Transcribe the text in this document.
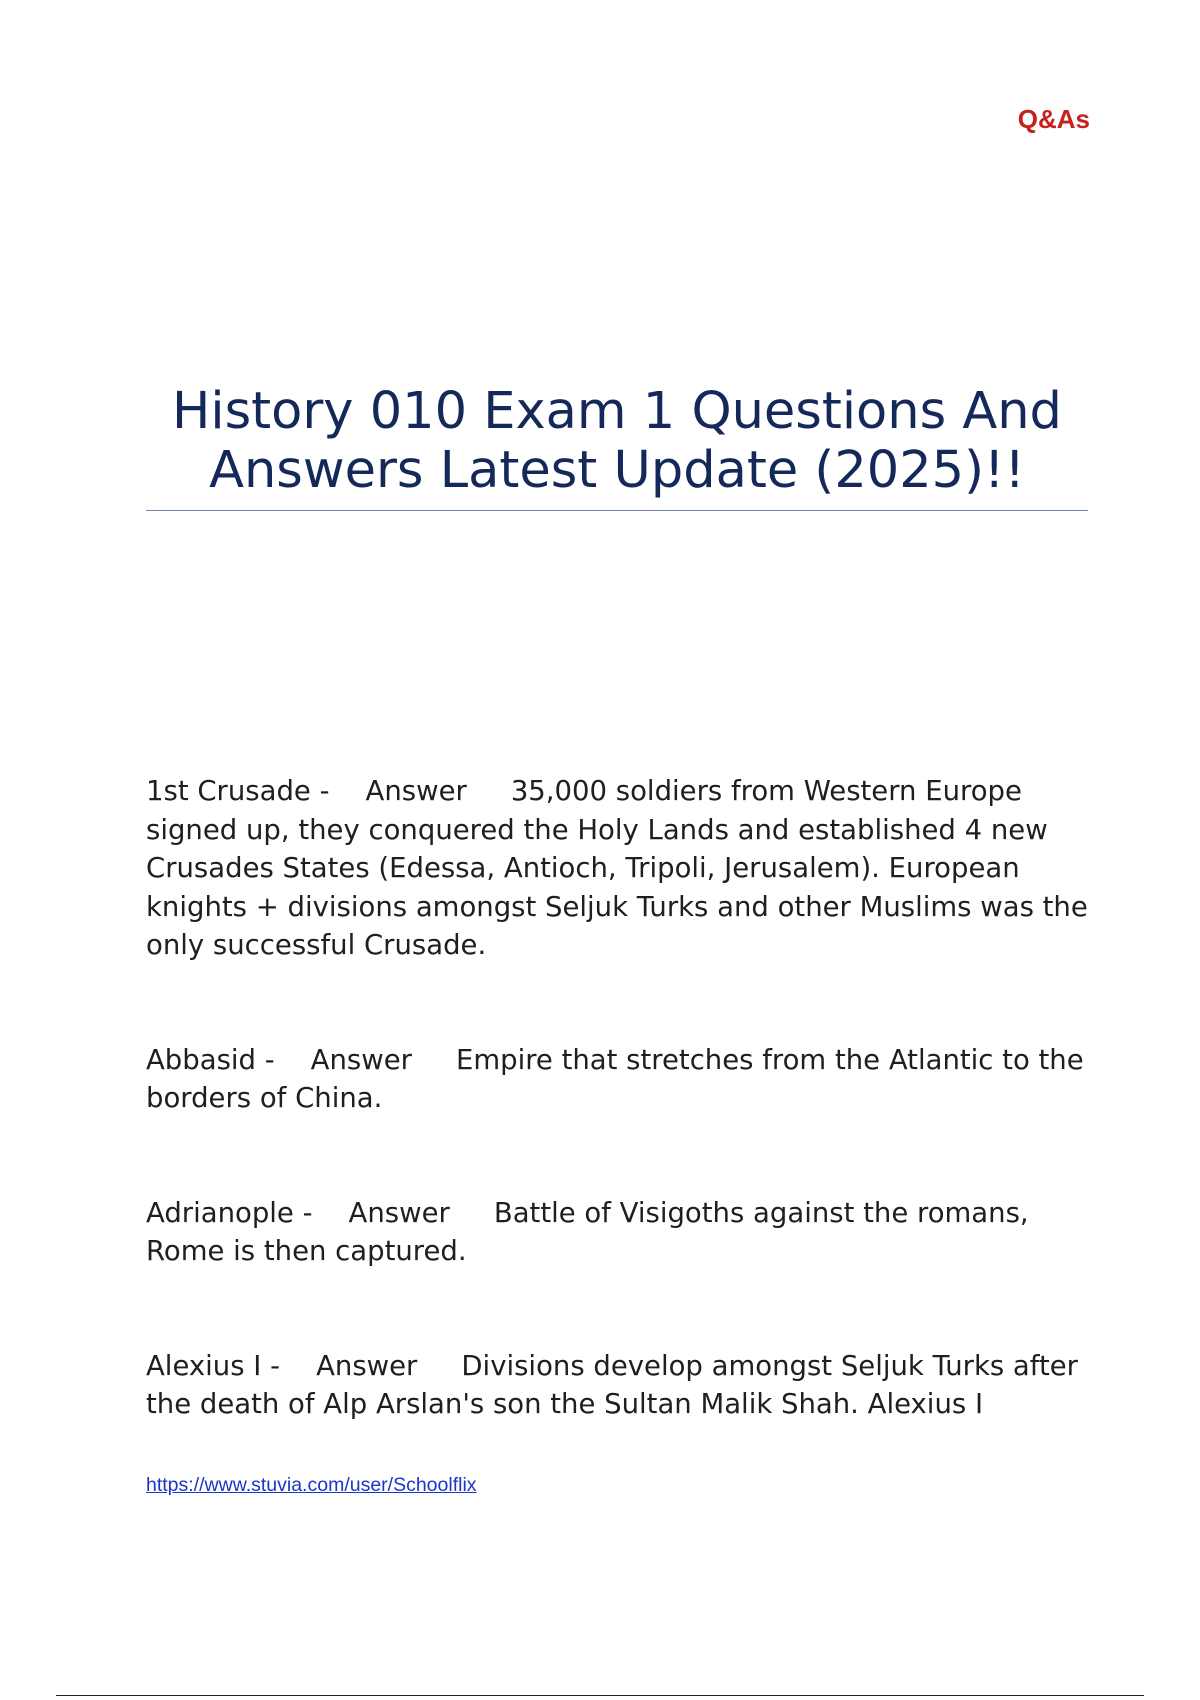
Q&As
History 010 Exam 1 Questions And Answers Latest Update (2025)!!

1st Crusade - Answer 35,000 soldiers from Western Europe signed up, they conquered the Holy Lands and established 4 new Crusades States (Edessa, Antioch, Tripoli, Jerusalem). European knights + divisions amongst Seljuk Turks and other Muslims was the only successful Crusade.

Abbasid - Answer Empire that stretches from the Atlantic to the borders of China.

Adrianople - Answer Battle of Visigoths against the romans, Rome is then captured.

Alexius I - Answer Divisions develop amongst Seljuk Turks after the death of Alp Arslan's son the Sultan Malik Shah. Alexius I

https://www.stuvia.com/user/Schoolflix
